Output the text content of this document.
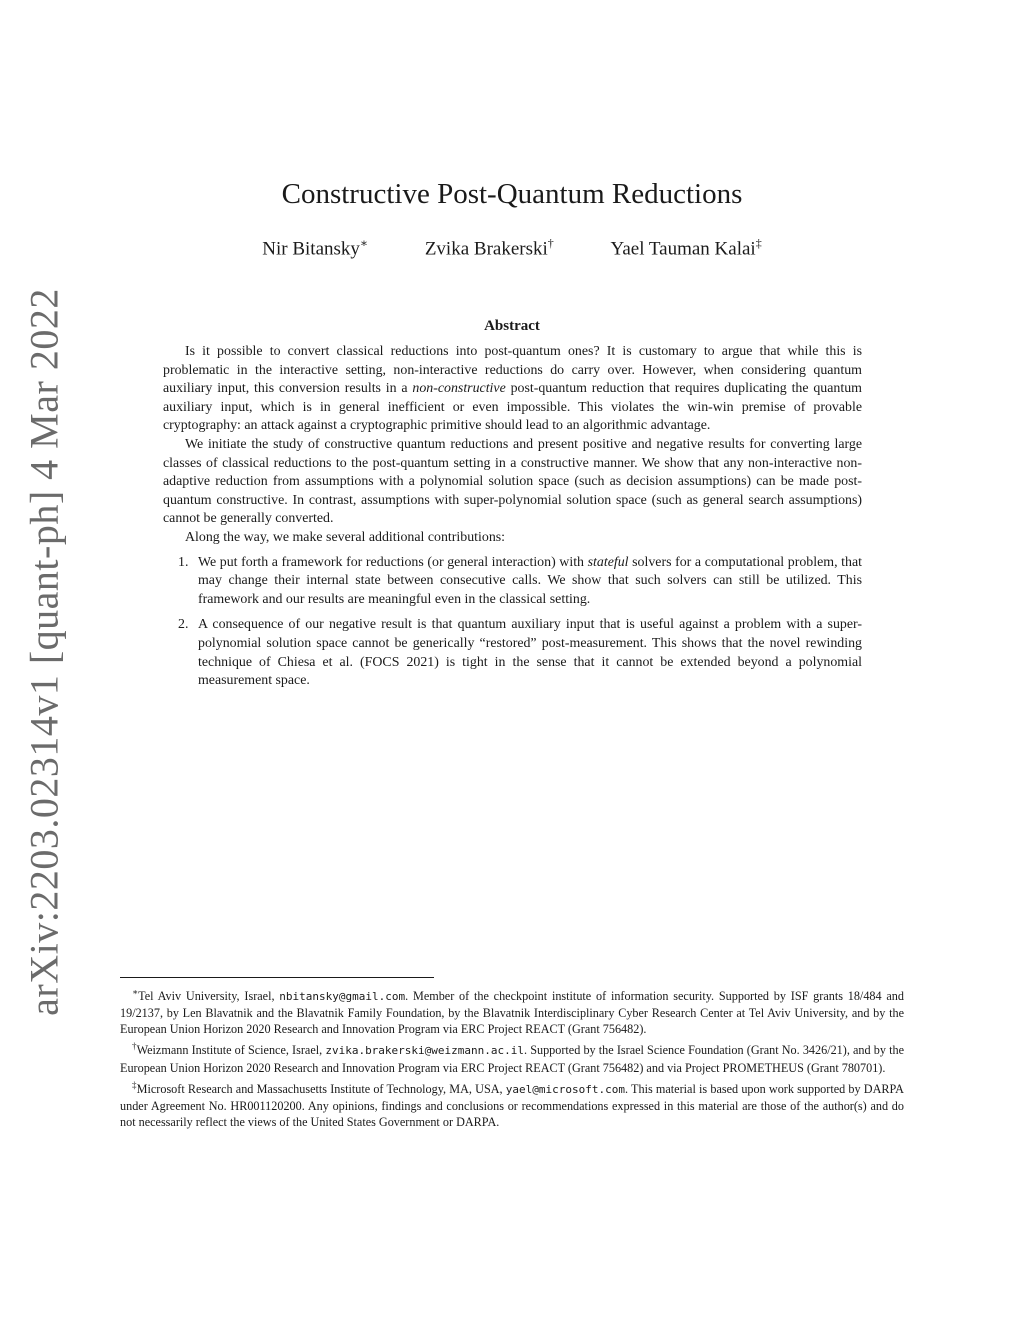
arXiv:2203.02314v1 [quant-ph] 4 Mar 2022
Constructive Post-Quantum Reductions
Nir Bitansky∗	Zvika Brakerski†	Yael Tauman Kalai‡
Abstract

Is it possible to convert classical reductions into post-quantum ones? It is customary to argue that while this is problematic in the interactive setting, non-interactive reductions do carry over. However, when considering quantum auxiliary input, this conversion results in a non-constructive post-quantum reduction that requires duplicating the quantum auxiliary input, which is in general inefficient or even impossible. This violates the win-win premise of provable cryptography: an attack against a cryptographic primitive should lead to an algorithmic advantage.

We initiate the study of constructive quantum reductions and present positive and negative results for converting large classes of classical reductions to the post-quantum setting in a constructive manner. We show that any non-interactive non-adaptive reduction from assumptions with a polynomial solution space (such as decision assumptions) can be made post-quantum constructive. In contrast, assumptions with super-polynomial solution space (such as general search assumptions) cannot be generally converted.

Along the way, we make several additional contributions:

1. We put forth a framework for reductions (or general interaction) with stateful solvers for a computational problem, that may change their internal state between consecutive calls. We show that such solvers can still be utilized. This framework and our results are meaningful even in the classical setting.
2. A consequence of our negative result is that quantum auxiliary input that is useful against a problem with a super-polynomial solution space cannot be generically “restored” post-measurement. This shows that the novel rewinding technique of Chiesa et al. (FOCS 2021) is tight in the sense that it cannot be extended beyond a polynomial measurement space.

∗Tel Aviv University, Israel, nbitansky@gmail.com. Member of the checkpoint institute of information security. Supported by ISF grants 18/484 and 19/2137, by Len Blavatnik and the Blavatnik Family Foundation, by the Blavatnik Interdisciplinary Cyber Research Center at Tel Aviv University, and by the European Union Horizon 2020 Research and Innovation Program via ERC Project REACT (Grant 756482).

†Weizmann Institute of Science, Israel, zvika.brakerski@weizmann.ac.il. Supported by the Israel Science Foundation (Grant No. 3426/21), and by the European Union Horizon 2020 Research and Innovation Program via ERC Project REACT (Grant 756482) and via Project PROMETHEUS (Grant 780701).

‡Microsoft Research and Massachusetts Institute of Technology, MA, USA, yael@microsoft.com. This material is based upon work supported by DARPA under Agreement No. HR001120200. Any opinions, findings and conclusions or recommendations expressed in this material are those of the author(s) and do not necessarily reflect the views of the United States Government or DARPA.
